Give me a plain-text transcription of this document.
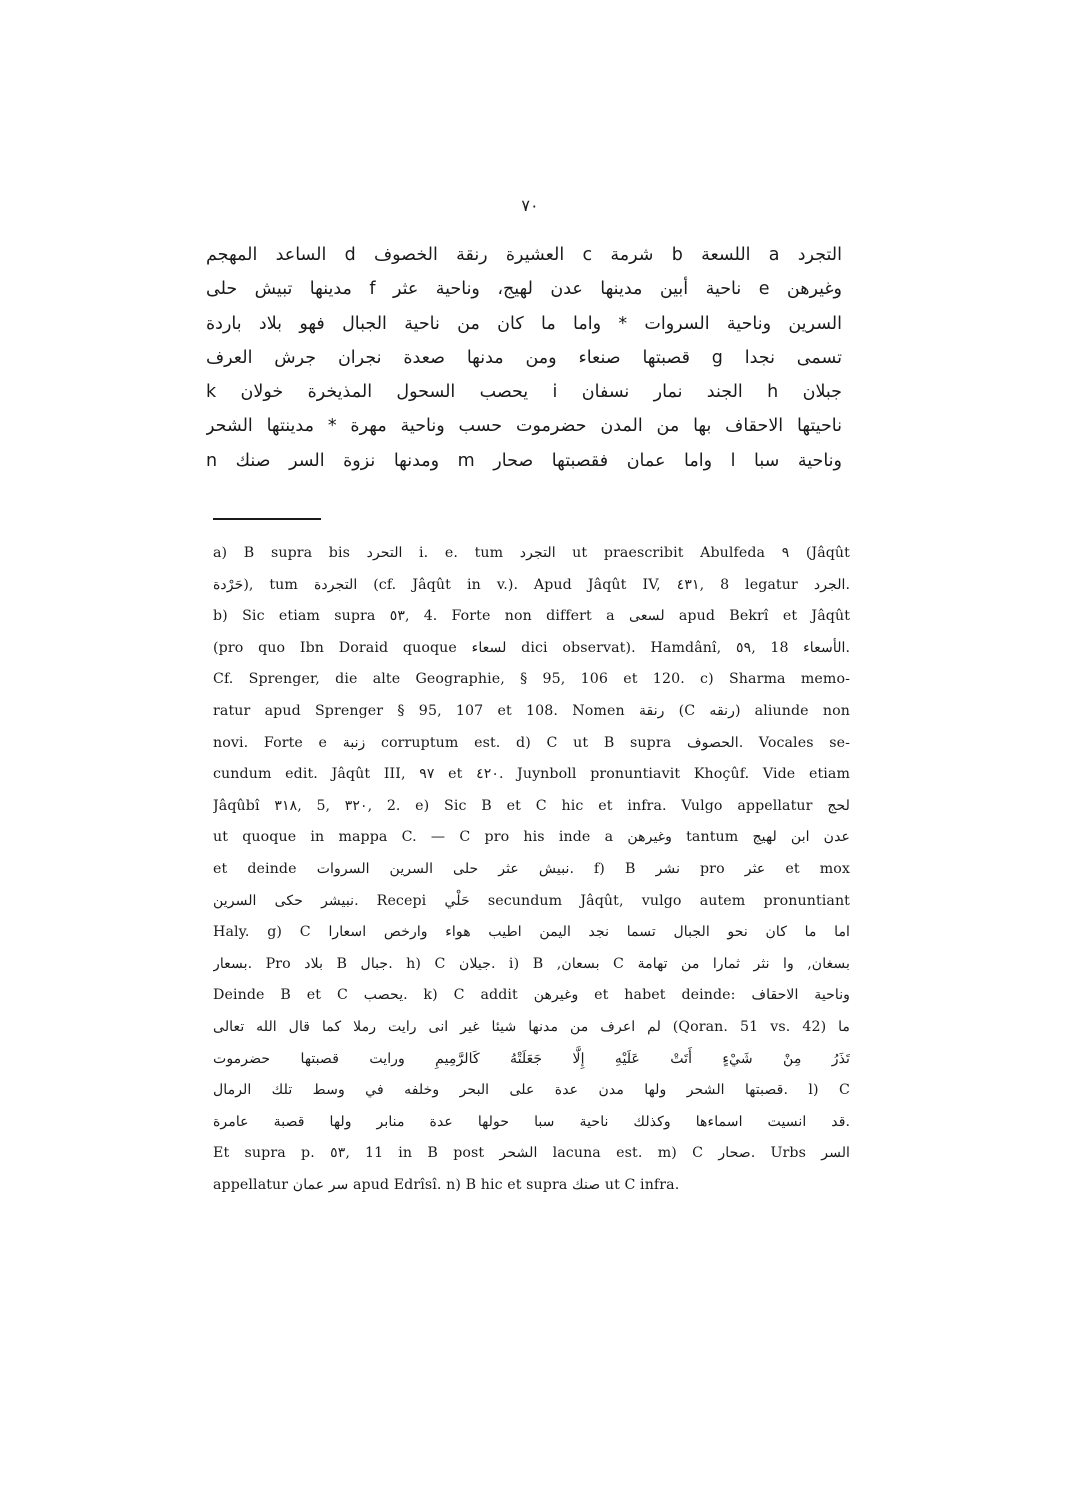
٧٠
التجرد a اللسعة b شرمة c العشيرة رنقة الخصوف d الساعد المهجم
وغيرهن e ناحية أبين مدينها عدن لهيج، وناحية عثر f مدينها تبيش حلى
السرين وناحية السروات * واما ما كان من ناحية الجبال فهو بلاد باردة
تسمى نجدا g قصبتها صنعاء ومن مدنها صعدة نجران جرش العرف
جبلان h الجند نمار نسفان i يحصب السحول المذيخرة خولان k
ناحيتها الاحقاف بها من المدن حضرموت حسب وناحية مهرة * مدينتها الشحر
وناحية سبا l واما عمان فقصبتها صحار m ومدنها نزوة السر صنك n
a) B supra bis التحرد i. e. tum التجرد ut praescribit Abulfeda ٩ (Jâqût
حَرْدة), tum التجردة (cf. Jâqût in v.). Apud Jâqût IV, ٤٣١, 8 legatur الجرد.
b) Sic etiam supra ٥٣, 4. Forte non differt a لسعى apud Bekrî et Jâqût
(pro quo Ibn Doraid quoque لسعاء dici observat). Hamdânî, ٥٩, 18 الأسعاء.
Cf. Sprenger, die alte Geographie, § 95, 106 et 120. c) Sharma memo-
ratur apud Sprenger § 95, 107 et 108. Nomen رنقة (C رنقه) aliunde non
novi. Forte e زنبة corruptum est. d) C ut B supra الحصوف. Vocales se-
cundum edit. Jâqût III, ٩٧ et ٤٢٠. Juynboll pronuntiavit Khoçûf. Vide etiam
Jâqûbî ٣١٨, 5, ٣٢٠, 2. e) Sic B et C hic et infra. Vulgo appellatur لحج
ut quoque in mappa C. — C pro his inde a وغيرهن tantum عدن ابن لهيج
et deinde نبيش عثر حلى السرين السروات. f) B نشر pro عثر et mox
نبيشر حكى السرين. Recepi حَلْي secundum Jâqût, vulgo autem pronuntiant
Haly. g) C اما ما كان نحو الجبال تسما نجد اليمن اطيب هواء وارخص اسعارا
بسعار. Pro بلاد B جبال. h) C جيلان. i) B ,بسعان C بسغان, وا نثر ثمارا من تهامة
Deinde B et C يحصب. k) C addit وغيرهن et habet deinde: وناحية الاحقاف
لم اعرف من مدنها شيئا غير انى رايت رملا كما قال الله تعالى (Qoran. 51 vs. 42) ما
تَذَرُ مِنْ شَيْءٍ أَتَتْ عَلَيْهِ إِلَّا جَعَلَتْهُ كَالرَّمِيمِ ورايت قصبتها حضرموت
قصبتها الشحر ولها مدن عدة على البحر وخلفه في وسط تلك الرمال. l) C
قد انسيت اسماءها وكذلك ناحية سبا حولها عدة منابر ولها قصبة عامرة.
Et supra p. ٥٣, 11 in B post الشحر lacuna est. m) C صحار. Urbs السر
appellatur سر عمان apud Edrîsî. n) B hic et supra صنك ut C infra.
